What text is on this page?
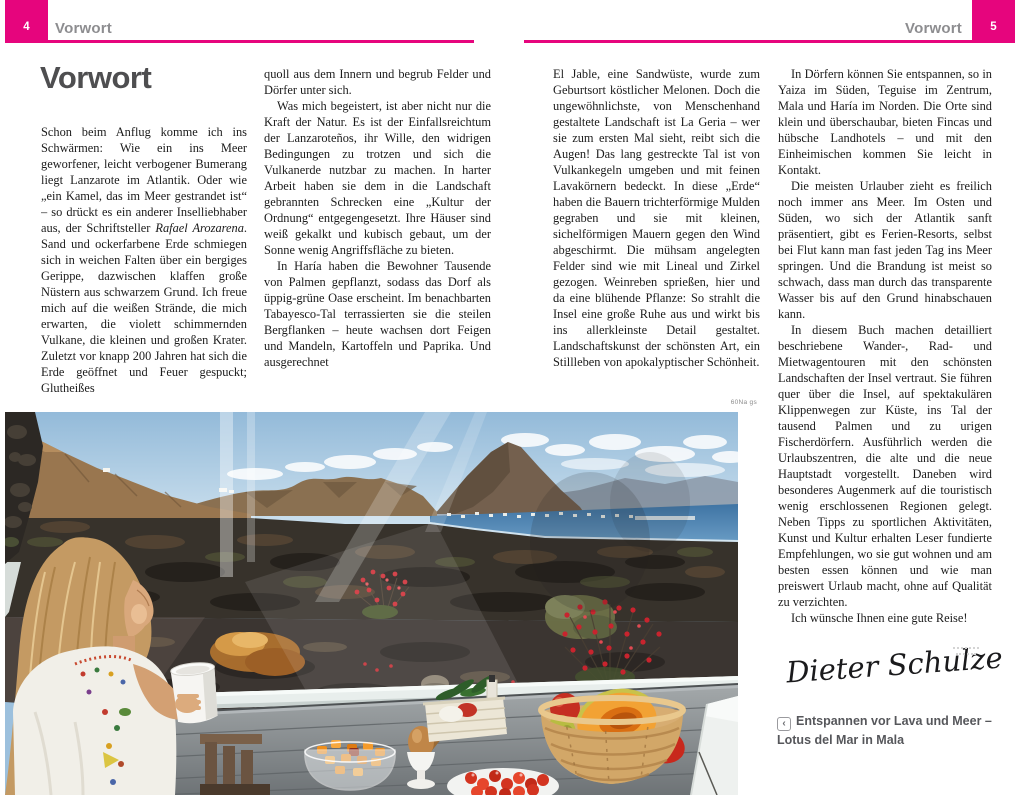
4 Vorwort	5
Vorwort
Vorwort

Schon beim Anflug komme ich ins Schwärmen: Wie ein ins Meer geworfener, leicht verbogener Bumerang liegt Lanzarote im Atlantik. Oder wie „ein Kamel, das im Meer gestrandet ist“ – so drückt es ein anderer Inselliebhaber aus, der Schriftsteller Rafael Arozarena. Sand und ockerfarbene Erde schmiegen sich in weichen Falten über ein bergiges Gerippe, dazwischen klaffen große Nüstern aus schwarzem Grund. Ich freue mich auf die weißen Strände, die mich erwarten, die violett schimmernden Vulkane, die kleinen und großen Krater. Zuletzt vor knapp 200 Jahren hat sich die Erde geöffnet und Feuer gespuckt; Glutheißes

quoll aus dem Innern und begrub Felder und Dörfer unter sich.

Was mich begeistert, ist aber nicht nur die Kraft der Natur. Es ist der Einfallsreichtum der Lanzaroteños, ihr Wille, den widrigen Bedingungen zu trotzen und sich die Vulkanerde nutzbar zu machen. In harter Arbeit haben sie dem in die Landschaft gebrannten Schrecken eine „Kultur der Ordnung“ entgegengesetzt. Ihre Häuser sind weiß gekalkt und kubisch gebaut, um der Sonne wenig Angriffsfläche zu bieten.

In Haría haben die Bewohner Tausende von Palmen gepflanzt, sodass das Dorf als üppig-grüne Oase erscheint. Im benachbarten Tabayesco-Tal terrassierten sie die steilen Bergflanken – heute wachsen dort Feigen und Mandeln, Kartoffeln und Paprika. Und ausgerechnet

El Jable, eine Sandwüste, wurde zum Geburtsort köstlicher Melonen. Doch die ungewöhnlichste, von Menschenhand gestaltete Landschaft ist La Geria – wer sie zum ersten Mal sieht, reibt sich die Augen! Das lang gestreckte Tal ist von Vulkankegeln umgeben und mit feinen Lavakörnern bedeckt. In diese „Erde“ haben die Bauern trichterförmige Mulden gegraben und sie mit kleinen, sichelförmigen Mauern gegen den Wind abgeschirmt. Die mühsam angelegten Felder sind wie mit Lineal und Zirkel gezogen. Weinreben sprießen, hier und da eine blühende Pflanze: So strahlt die Insel eine große Ruhe aus und wirkt bis ins allerkleinste Detail gestaltet. Landschaftskunst der schönsten Art, ein Stillleben von apokalyptischer Schönheit.

In Dörfern können Sie entspannen, so in Yaiza im Süden, Teguise im Zentrum, Mala und Haría im Norden. Die Orte sind klein und überschaubar, bieten Fincas und hübsche Landhotels – und mit den Einheimischen kommen Sie leicht in Kontakt.

Die meisten Urlauber zieht es freilich noch immer ans Meer. Im Osten und Süden, wo sich der Atlantik sanft präsentiert, gibt es Ferien-Resorts, selbst bei Flut kann man fast jeden Tag ins Meer springen. Und die Brandung ist meist so schwach, dass man durch das transparente Wasser bis auf den Grund hinabschauen kann.

In diesem Buch machen detailliert beschriebene Wander-, Rad- und Mietwagentouren mit den schönsten Landschaften der Insel vertraut. Sie führen quer über die Insel, auf spektakulären Klippenwegen zur Küste, ins Tal der tausend Palmen und zu urigen Fischerdörfern. Ausführlich werden die Urlaubszentren, die alte und die neue Hauptstadt vorgestellt. Daneben wird besonderes Augenmerk auf die touristisch wenig erschlossenen Regionen gelegt. Neben Tipps zu sportlichen Aktivitäten, Kunst und Kultur erhalten Leser fundierte Empfehlungen, wo sie gut wohnen und am besten essen können und wie man preiswert Urlaub macht, ohne auf Qualität zu verzichten.

Ich wünsche Ihnen eine gute Reise!

Dieter Schulze
‹ Entspannen vor Lava und Meer –
Lotus del Mar in Mala
60Na gs
